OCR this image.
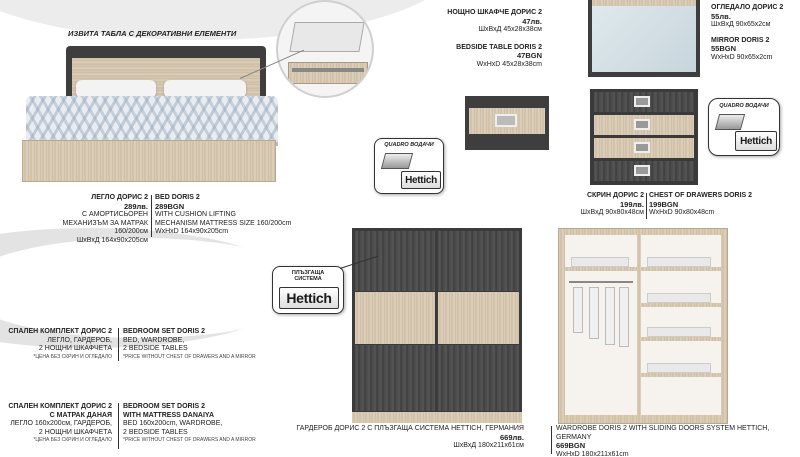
ИЗВИТА ТАБЛА С ДЕКОРАТИВНИ ЕЛЕМЕНТИ
ЛЕГЛО ДОРИС 2
289лв.
С АМОРТИСЬОРЕН
МЕХАНИЗЪМ ЗА МАТРАК 160/200см
ШхВхД 164х90х205см
BED DORIS 2
289BGN
WITH CUSHION LIFTING
MECHANISM MATTRESS SIZE 160/200cm
WxHxD 164x90x205cm
НОЩНО ШКАФЧЕ ДОРИС 2
47лв.
ШхВхД 45х28х38см
BEDSIDE TABLE DORIS 2
47BGN
WxHxD 45x28x38cm
QUADRO ВОДАЧИ
Hettich
ОГЛЕДАЛО ДОРИС 2
55лв.
ШхВхД 90х65х2см
MIRROR DORIS 2
55BGN
WxHxD 90x65x2cm
QUADRO ВОДАЧИ
Hettich
СКРИН ДОРИС 2
199лв.
ШхВхД 90х80х48см
CHEST OF DRAWERS DORIS 2
199BGN
WxHxD 90x80x48cm
СПАЛЕН КОМПЛЕКТ ДОРИС 2
ЛЕГЛО, ГАРДЕРОБ,
2 НОЩНИ ШКАФЧЕТА
*ЦЕНА БЕЗ СКРИН И ОГЛЕДАЛО
BEDROOM SET DORIS 2
BED, WARDROBE,
2 BEDSIDE TABLES
*PRICE WITHOUT CHEST OF DRAWERS AND A MIRROR
СПАЛЕН КОМПЛЕКТ ДОРИС 2
С МАТРАК ДАНАЯ
ЛЕГЛО 160х200см, ГАРДЕРОБ,
2 НОЩНИ ШКАФЧЕТА
*ЦЕНА БЕЗ СКРИН И ОГЛЕДАЛО
BEDROOM SET DORIS 2
WITH MATTRESS DANAIYA
BED 160x200cm, WARDROBE,
2 BEDSIDE TABLES
*PRICE WITHOUT CHEST OF DRAWERS AND A MIRROR
ПЛЪЗГАЩА
СИСТЕМА
Hettich
ГАРДЕРОБ ДОРИС 2 С ПЛЪЗГАЩА СИСТЕМА HETTICH, ГЕРМАНИЯ
669лв.
ШхВхД 180х211х61см
WARDROBE DORIS 2 WITH SLIDING DOORS SYSTEM HETTICH, GERMANY
669BGN
WxHxD 180x211x61cm
